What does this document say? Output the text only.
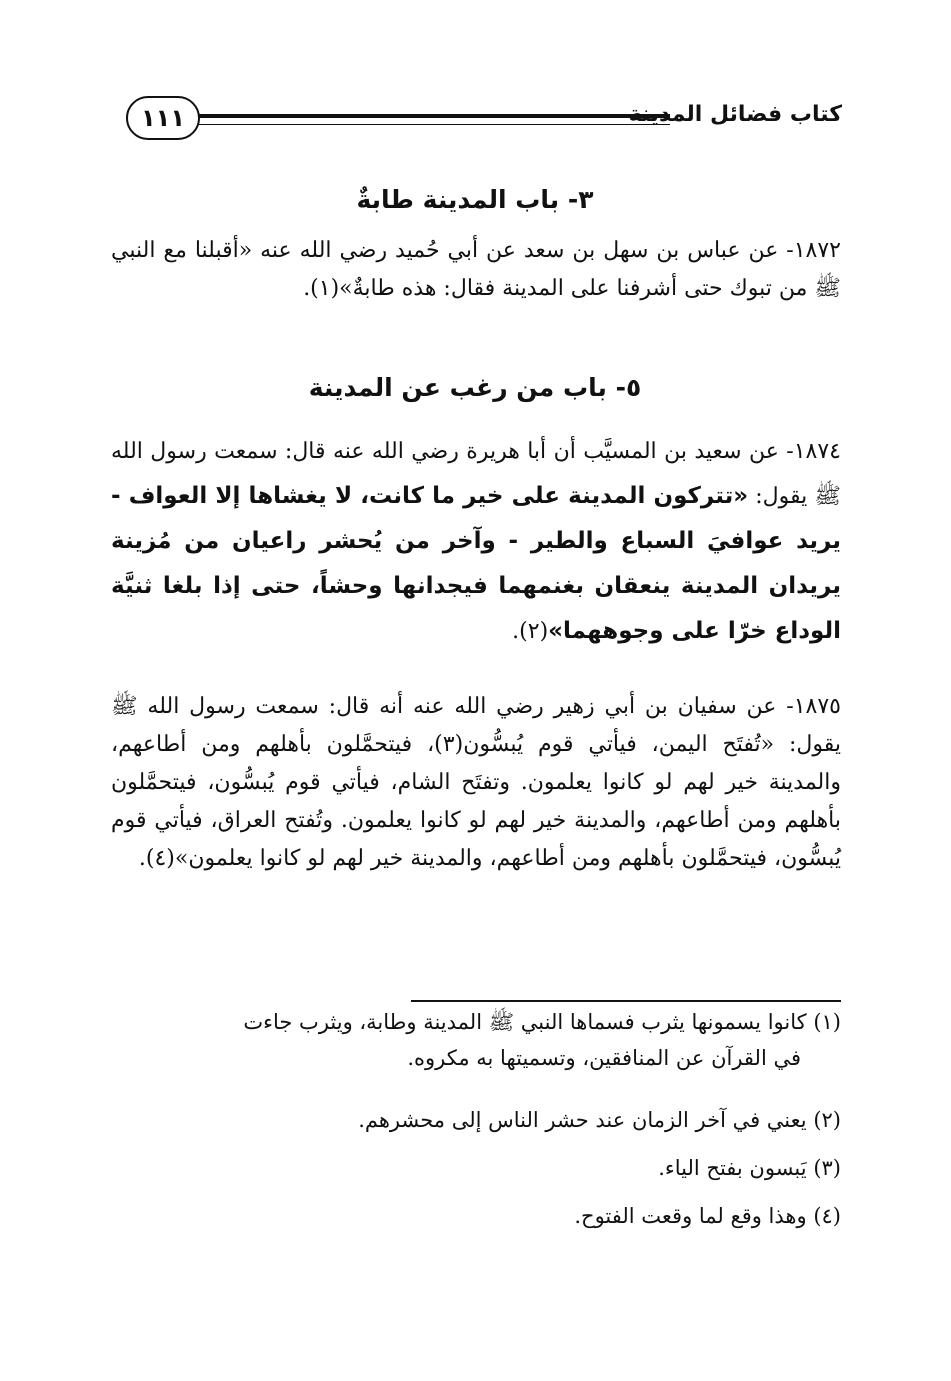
كتاب فضائل المدينة
١١١
٣- باب المدينة طابةٌ

١٨٧٢- عن عباس بن سهل بن سعد عن أبي حُميد رضي الله عنه «أقبلنا مع النبي ﷺ من تبوك حتى أشرفنا على المدينة فقال: هذه طابةٌ»(١).

٥- باب من رغب عن المدينة

١٨٧٤- عن سعيد بن المسيَّب أن أبا هريرة رضي الله عنه قال: سمعت رسول الله ﷺ يقول: «تتركون المدينة على خير ما كانت، لا يغشاها إلا العواف - يريد عوافيَ السباع والطير - وآخر من يُحشر راعيان من مُزينة يريدان المدينة ينعقان بغنمهما فيجدانها وحشاً، حتى إذا بلغا ثنيَّة الوداع خرّا على وجوههما»(٢).

١٨٧٥- عن سفيان بن أبي زهير رضي الله عنه أنه قال: سمعت رسول الله ﷺ يقول: «تُفتَح اليمن، فيأتي قوم يُبسُّون(٣)، فيتحمَّلون بأهلهم ومن أطاعهم، والمدينة خير لهم لو كانوا يعلمون. وتفتَح الشام، فيأتي قوم يُبسُّون، فيتحمَّلون بأهلهم ومن أطاعهم، والمدينة خير لهم لو كانوا يعلمون. وتُفتح العراق، فيأتي قوم يُبسُّون، فيتحمَّلون بأهلهم ومن أطاعهم، والمدينة خير لهم لو كانوا يعلمون»(٤).

(١) كانوا يسمونها يثرب فسماها النبي ﷺ المدينة وطابة، ويثرب جاءت
في القرآن عن المنافقين، وتسميتها به مكروه.
(٢) يعني في آخر الزمان عند حشر الناس إلى محشرهم.
(٣) يَبسون بفتح الياء.
(٤) وهذا وقع لما وقعت الفتوح.
